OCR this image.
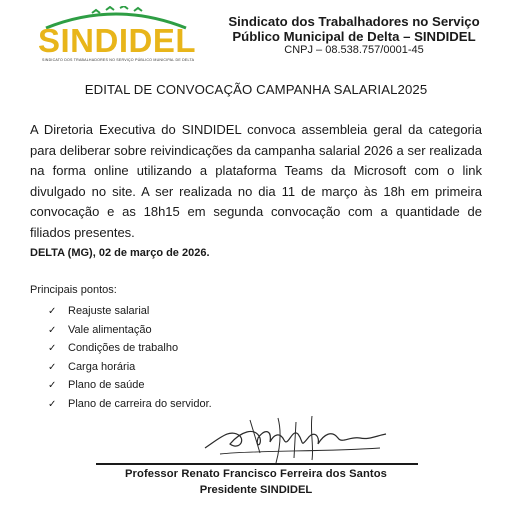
SINDIDEL
SINDICATO DOS TRABALHADORES NO SERVIÇO PÚBLICO MUNICIPAL DE DELTA
Sindicato dos Trabalhadores no Serviço
Público Municipal de Delta – SINDIDEL
CNPJ – 08.538.757/0001-45
EDITAL DE CONVOCAÇÃO CAMPANHA SALARIAL2025
A Diretoria Executiva do SINDIDEL convoca assembleia geral da categoria para deliberar sobre reivindicações da campanha salarial 2026 a ser realizada na forma online utilizando a plataforma Teams da Microsoft com o link divulgado no site. A ser realizada no dia 11 de março às 18h em primeira convocação e as 18h15 em segunda convocação com a quantidade de filiados presentes.
DELTA (MG), 02 de março de 2026.
Principais pontos:
✓ Reajuste salarial
✓ Vale alimentação
✓ Condições de trabalho
✓ Carga horária
✓ Plano de saúde
✓ Plano de carreira do servidor.
Professor Renato Francisco Ferreira dos Santos
Presidente SINDIDEL
